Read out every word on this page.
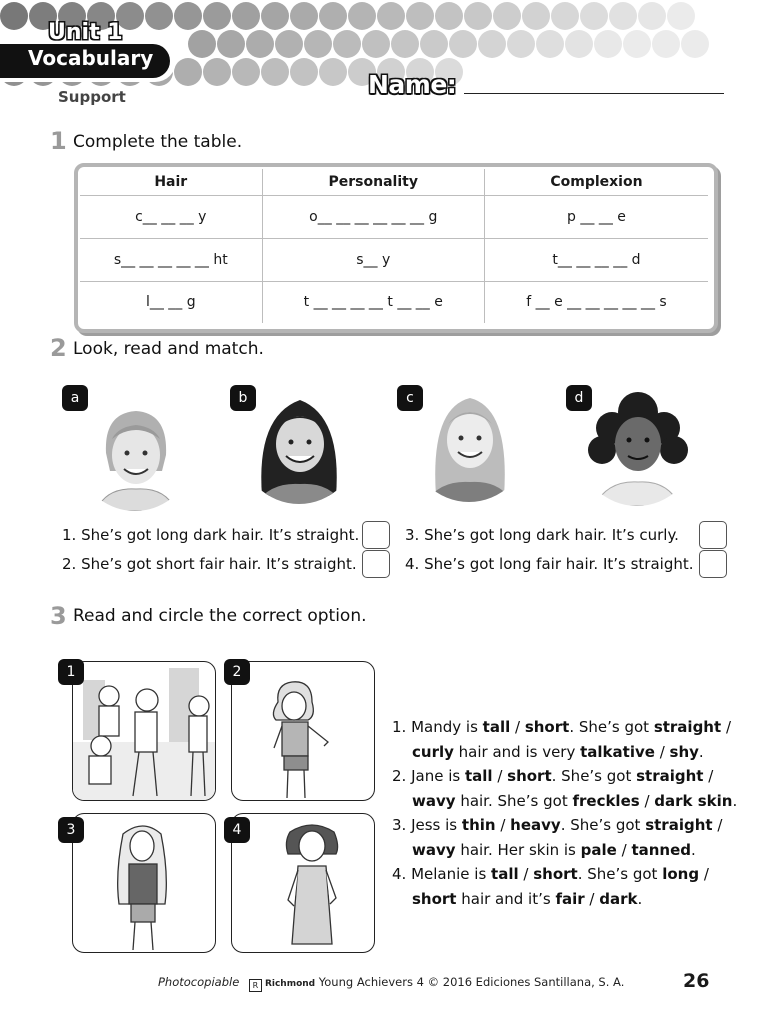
Unit 1
Vocabulary
Support	Name:
1 Complete the table.
Hair	Personality	Complexion
c__ __ __ y	o__ __ __ __ __ __ g	p __ __ e
s__ __ __ __ __ ht	s__ y	t__ __ __ __ d
l__ __ g	t __ __ __ __ t __ __ e	f __ e __ __ __ __ __ s
2 Look, read and match.
a	b	c	d
1. She’s got long dark hair. It’s straight.
2. She’s got short fair hair. It’s straight.
3. She’s got long dark hair. It’s curly.
4. She’s got long fair hair. It’s straight.
3 Read and circle the correct option.
1	2
3	4
1. Mandy is tall / short. She’s got straight /
curly hair and is very talkative / shy.
2. Jane is tall / short. She’s got straight /
wavy hair. She’s got freckles / dark skin.
3. Jess is thin / heavy. She’s got straight /
wavy hair. Her skin is pale / tanned.
4. Melanie is tall / short. She’s got long /
short hair and it’s fair / dark.
Photocopiable R Richmond Young Achievers 4 © 2016 Ediciones Santillana, S. A.	26
